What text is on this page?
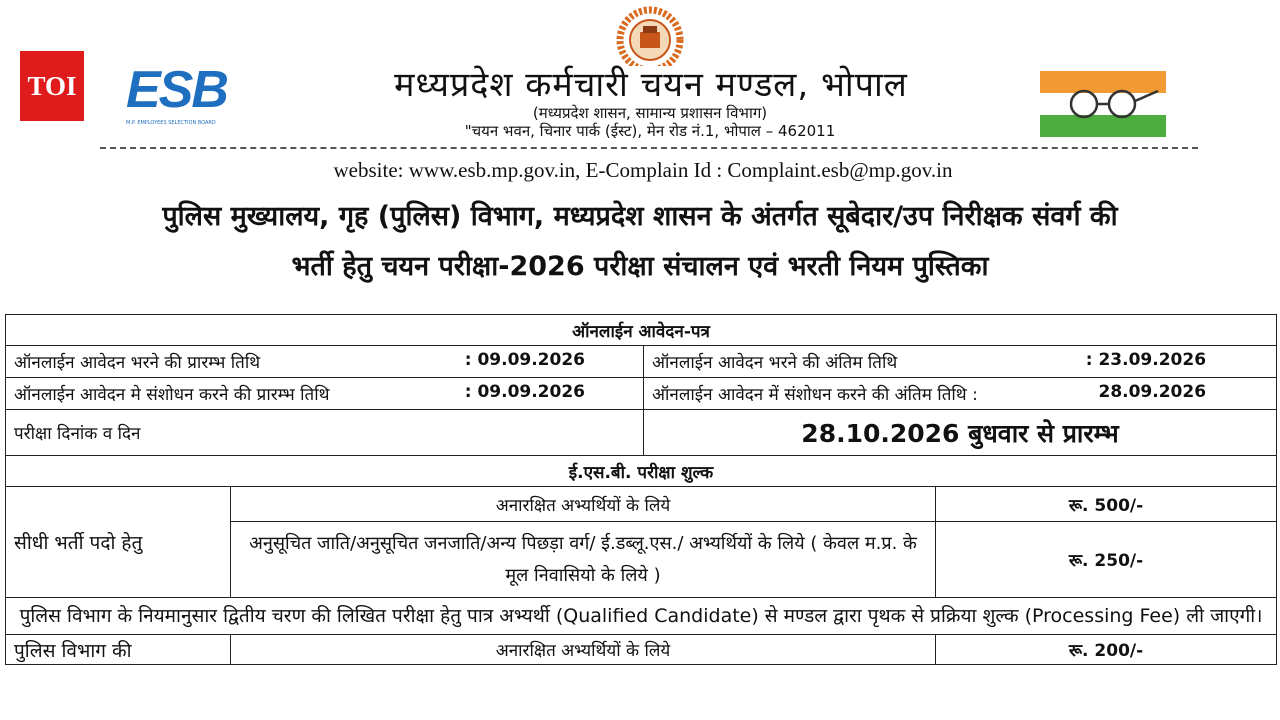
TOI ESB
M.P. EMPLOYEES SELECTION BOARD
मध्यप्रदेश कर्मचारी चयन मण्डल, भोपाल
(मध्यप्रदेश शासन, सामान्य प्रशासन विभाग)
"चयन भवन, चिनार पार्क (ईस्ट), मेन रोड नं.1, भोपाल – 462011
website: www.esb.mp.gov.in, E-Complain Id : Complaint.esb@mp.gov.in
पुलिस मुख्यालय, गृह (पुलिस) विभाग, मध्यप्रदेश शासन के अंतर्गत सूबेदार/उप निरीक्षक संवर्ग की
भर्ती हेतु चयन परीक्षा-2026 परीक्षा संचालन एवं भरती नियम पुस्तिका
ऑनलाईन आवेदन-पत्र			

ऑनलाईन आवेदन भरने की प्रारम्भ तिथि : 09.09.2026		ऑनलाईन आवेदन भरने की अंतिम तिथि : 23.09.2026	

ऑनलाईन आवेदन मे संशोधन करने की प्रारम्भ तिथि : 09.09.2026		ऑनलाईन आवेदन में संशोधन करने की अंतिम तिथि : 28.09.2026	

परीक्षा दिनांक व दिन		28.10.2026 बुधवार से प्रारम्भ	
ई.एस.बी. परीक्षा शुल्क			
सीधी भर्ती पदो हेतु	अनारक्षित अभ्यर्थियों के लिये		रू. 500/-
	अनुसूचित जाति/अनुसूचित जनजाति/अन्य पिछड़ा वर्ग/ ई.डब्लू.एस./ अभ्यर्थियों के लिये ( केवल म.प्र. के मूल निवासियो के लिये )		रू. 250/-
पुलिस विभाग के नियमानुसार द्वितीय चरण की लिखित परीक्षा हेतु पात्र अभ्यर्थी (Qualified Candidate) से मण्डल द्वारा पृथक से प्रक्रिया शुल्क (Processing Fee) ली जाएगी।			
पुलिस विभाग की	अनारक्षित अभ्यर्थियों के लिये		रू. 200/-
